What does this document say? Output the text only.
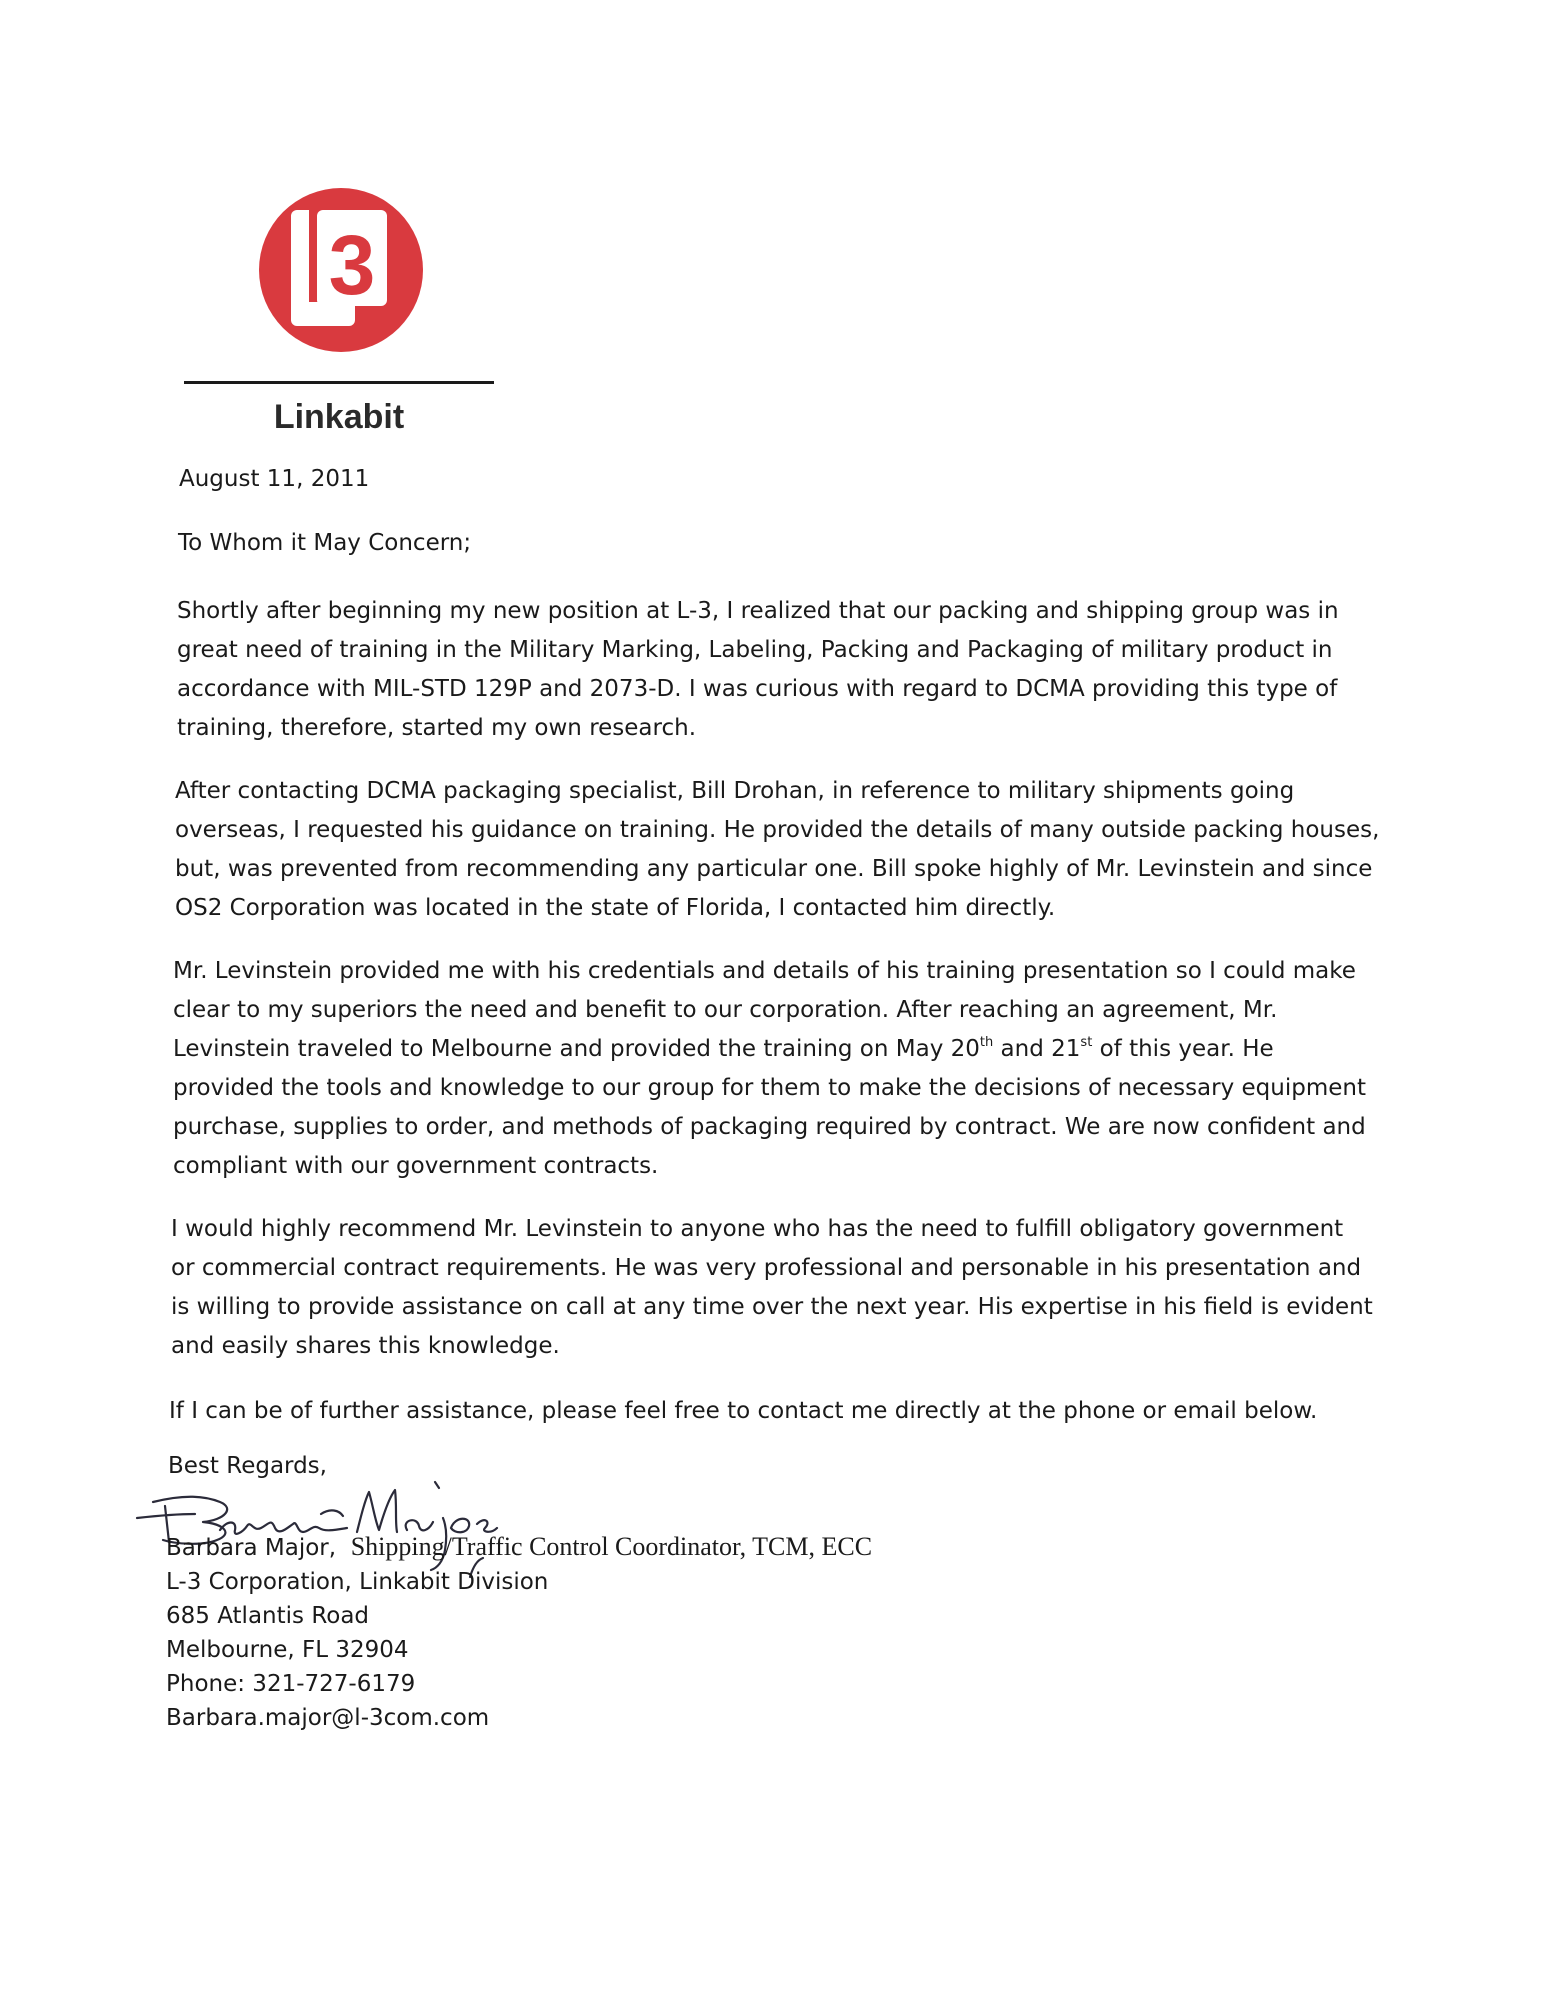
3
Linkabit
August 11, 2011
To Whom it May Concern;

Shortly after beginning my new position at L-3, I realized that our packing and shipping group was in
great need of training in the Military Marking, Labeling, Packing and Packaging of military product in
accordance with MIL-STD 129P and 2073-D. I was curious with regard to DCMA providing this type of
training, therefore, started my own research.

After contacting DCMA packaging specialist, Bill Drohan, in reference to military shipments going
overseas, I requested his guidance on training. He provided the details of many outside packing houses,
but, was prevented from recommending any particular one. Bill spoke highly of Mr. Levinstein and since
OS2 Corporation was located in the state of Florida, I contacted him directly.

Mr. Levinstein provided me with his credentials and details of his training presentation so I could make
clear to my superiors the need and benefit to our corporation. After reaching an agreement, Mr.
Levinstein traveled to Melbourne and provided the training on May 20th and 21st of this year. He
provided the tools and knowledge to our group for them to make the decisions of necessary equipment
purchase, supplies to order, and methods of packaging required by contract. We are now confident and
compliant with our government contracts.

I would highly recommend Mr. Levinstein to anyone who has the need to fulfill obligatory government
or commercial contract requirements. He was very professional and personable in his presentation and
is willing to provide assistance on call at any time over the next year. His expertise in his field is evident
and easily shares this knowledge.

If I can be of further assistance, please feel free to contact me directly at the phone or email below.

Best Regards,
Barbara Major, Shipping/Traffic Control Coordinator, TCM, ECC
L-3 Corporation, Linkabit Division
685 Atlantis Road
Melbourne, FL 32904
Phone: 321-727-6179
Barbara.major@l-3com.com
